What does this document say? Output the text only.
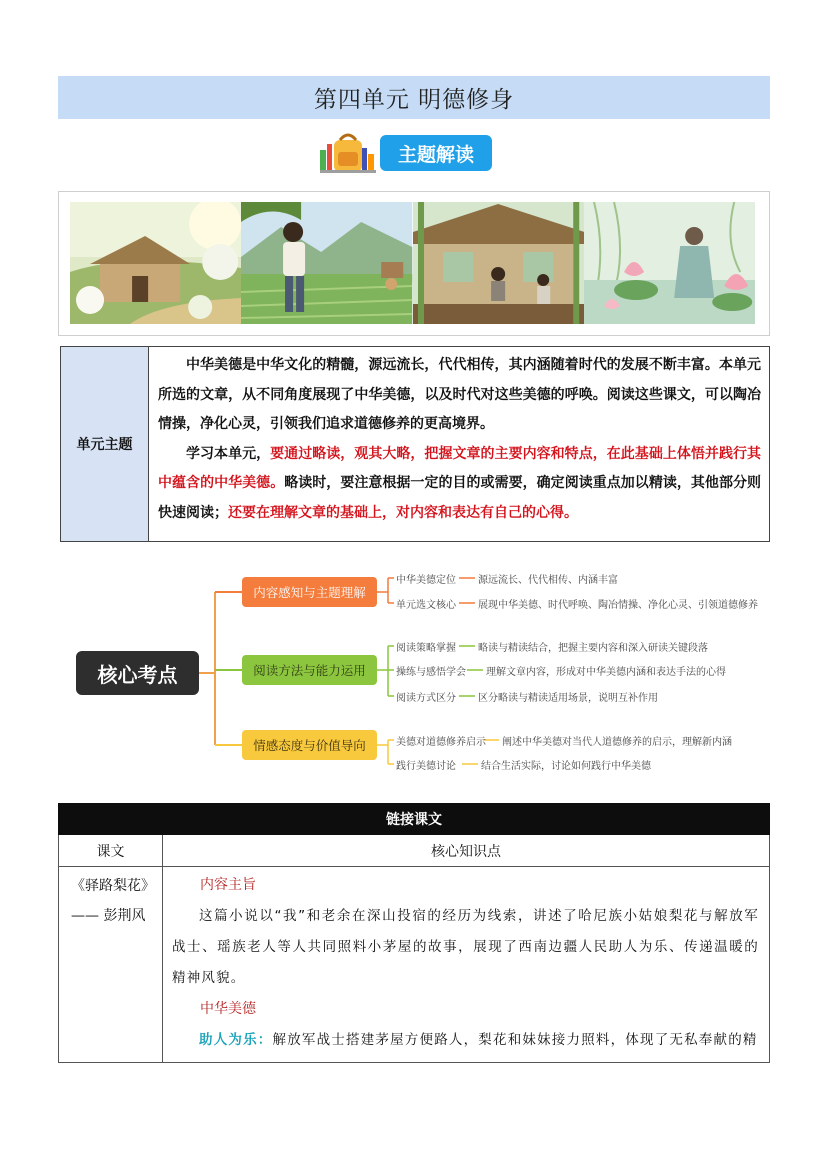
第四单元 明德修身
主题解读
单元主题

中华美德是中华文化的精髓，源远流长，代代相传，其内涵随着时代的发展不断丰富。本单元所选的文章，从不同角度展现了中华美德，以及时代对这些美德的呼唤。阅读这些课文，可以陶冶情操，净化心灵，引领我们追求道德修养的更高境界。

学习本单元，要通过略读，观其大略，把握文章的主要内容和特点，在此基础上体悟并践行其中蕴含的中华美德。略读时，要注意根据一定的目的或需要，确定阅读重点加以精读，其他部分则快速阅读；还要在理解文章的基础上，对内容和表达有自己的心得。

核心考点
内容感知与主题理解
阅读方法与能力运用
情感态度与价值导向
中华美德定位 源远流长、代代相传、内涵丰富
单元选文核心 展现中华美德、时代呼唤、陶冶情操、净化心灵、引领道德修养
阅读策略掌握 略读与精读结合，把握主要内容和深入研读关键段落
操练与感悟学会 理解文章内容，形成对中华美德内涵和表达手法的心得
阅读方式区分 区分略读与精读适用场景，说明互补作用
美德对道德修养启示 阐述中华美德对当代人道德修养的启示，理解新内涵
践行美德讨论	结合生活实际，讨论如何践行中华美德
链接课文
课文	核心知识点
《驿路梨花》
—— 彭荆风
内容主旨
这篇小说以“我”和老余在深山投宿的经历为线索，讲述了哈尼族小姑娘梨花与解放军战士、瑶族老人等人共同照料小茅屋的故事，展现了西南边疆人民助人为乐、传递温暖的精神风貌。
中华美德
助人为乐：解放军战士搭建茅屋方便路人，梨花和妹妹接力照料，体现了无私奉献的精
